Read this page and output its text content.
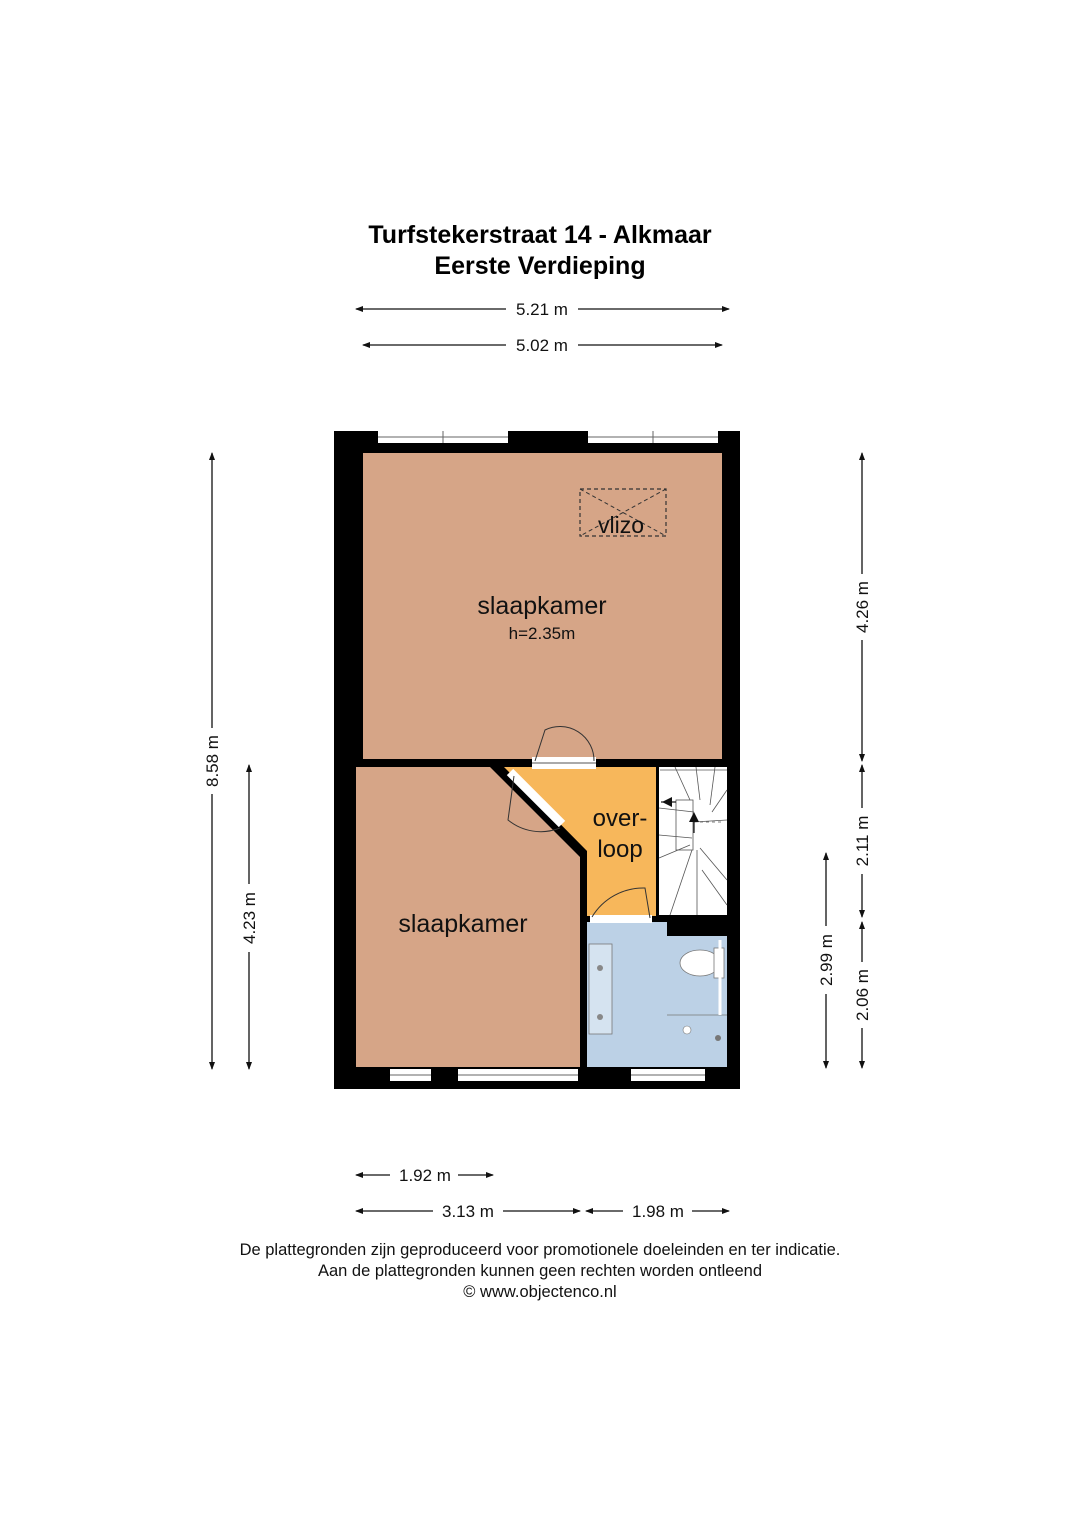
Turfstekerstraat 14 - Alkmaar
Eerste Verdieping
5.21 m
5.02 m
8.58 m
4.23 m
4.26 m
2.11 m
2.99 m
2.06 m
1.92 m
3.13 m	1.98 m
slaapkamer
h=2.35m
vlizo
over-
loop
slaapkamer
De plattegronden zijn geproduceerd voor promotionele doeleinden en ter indicatie.
Aan de plattegronden kunnen geen rechten worden ontleend
© www.objectenco.nl
